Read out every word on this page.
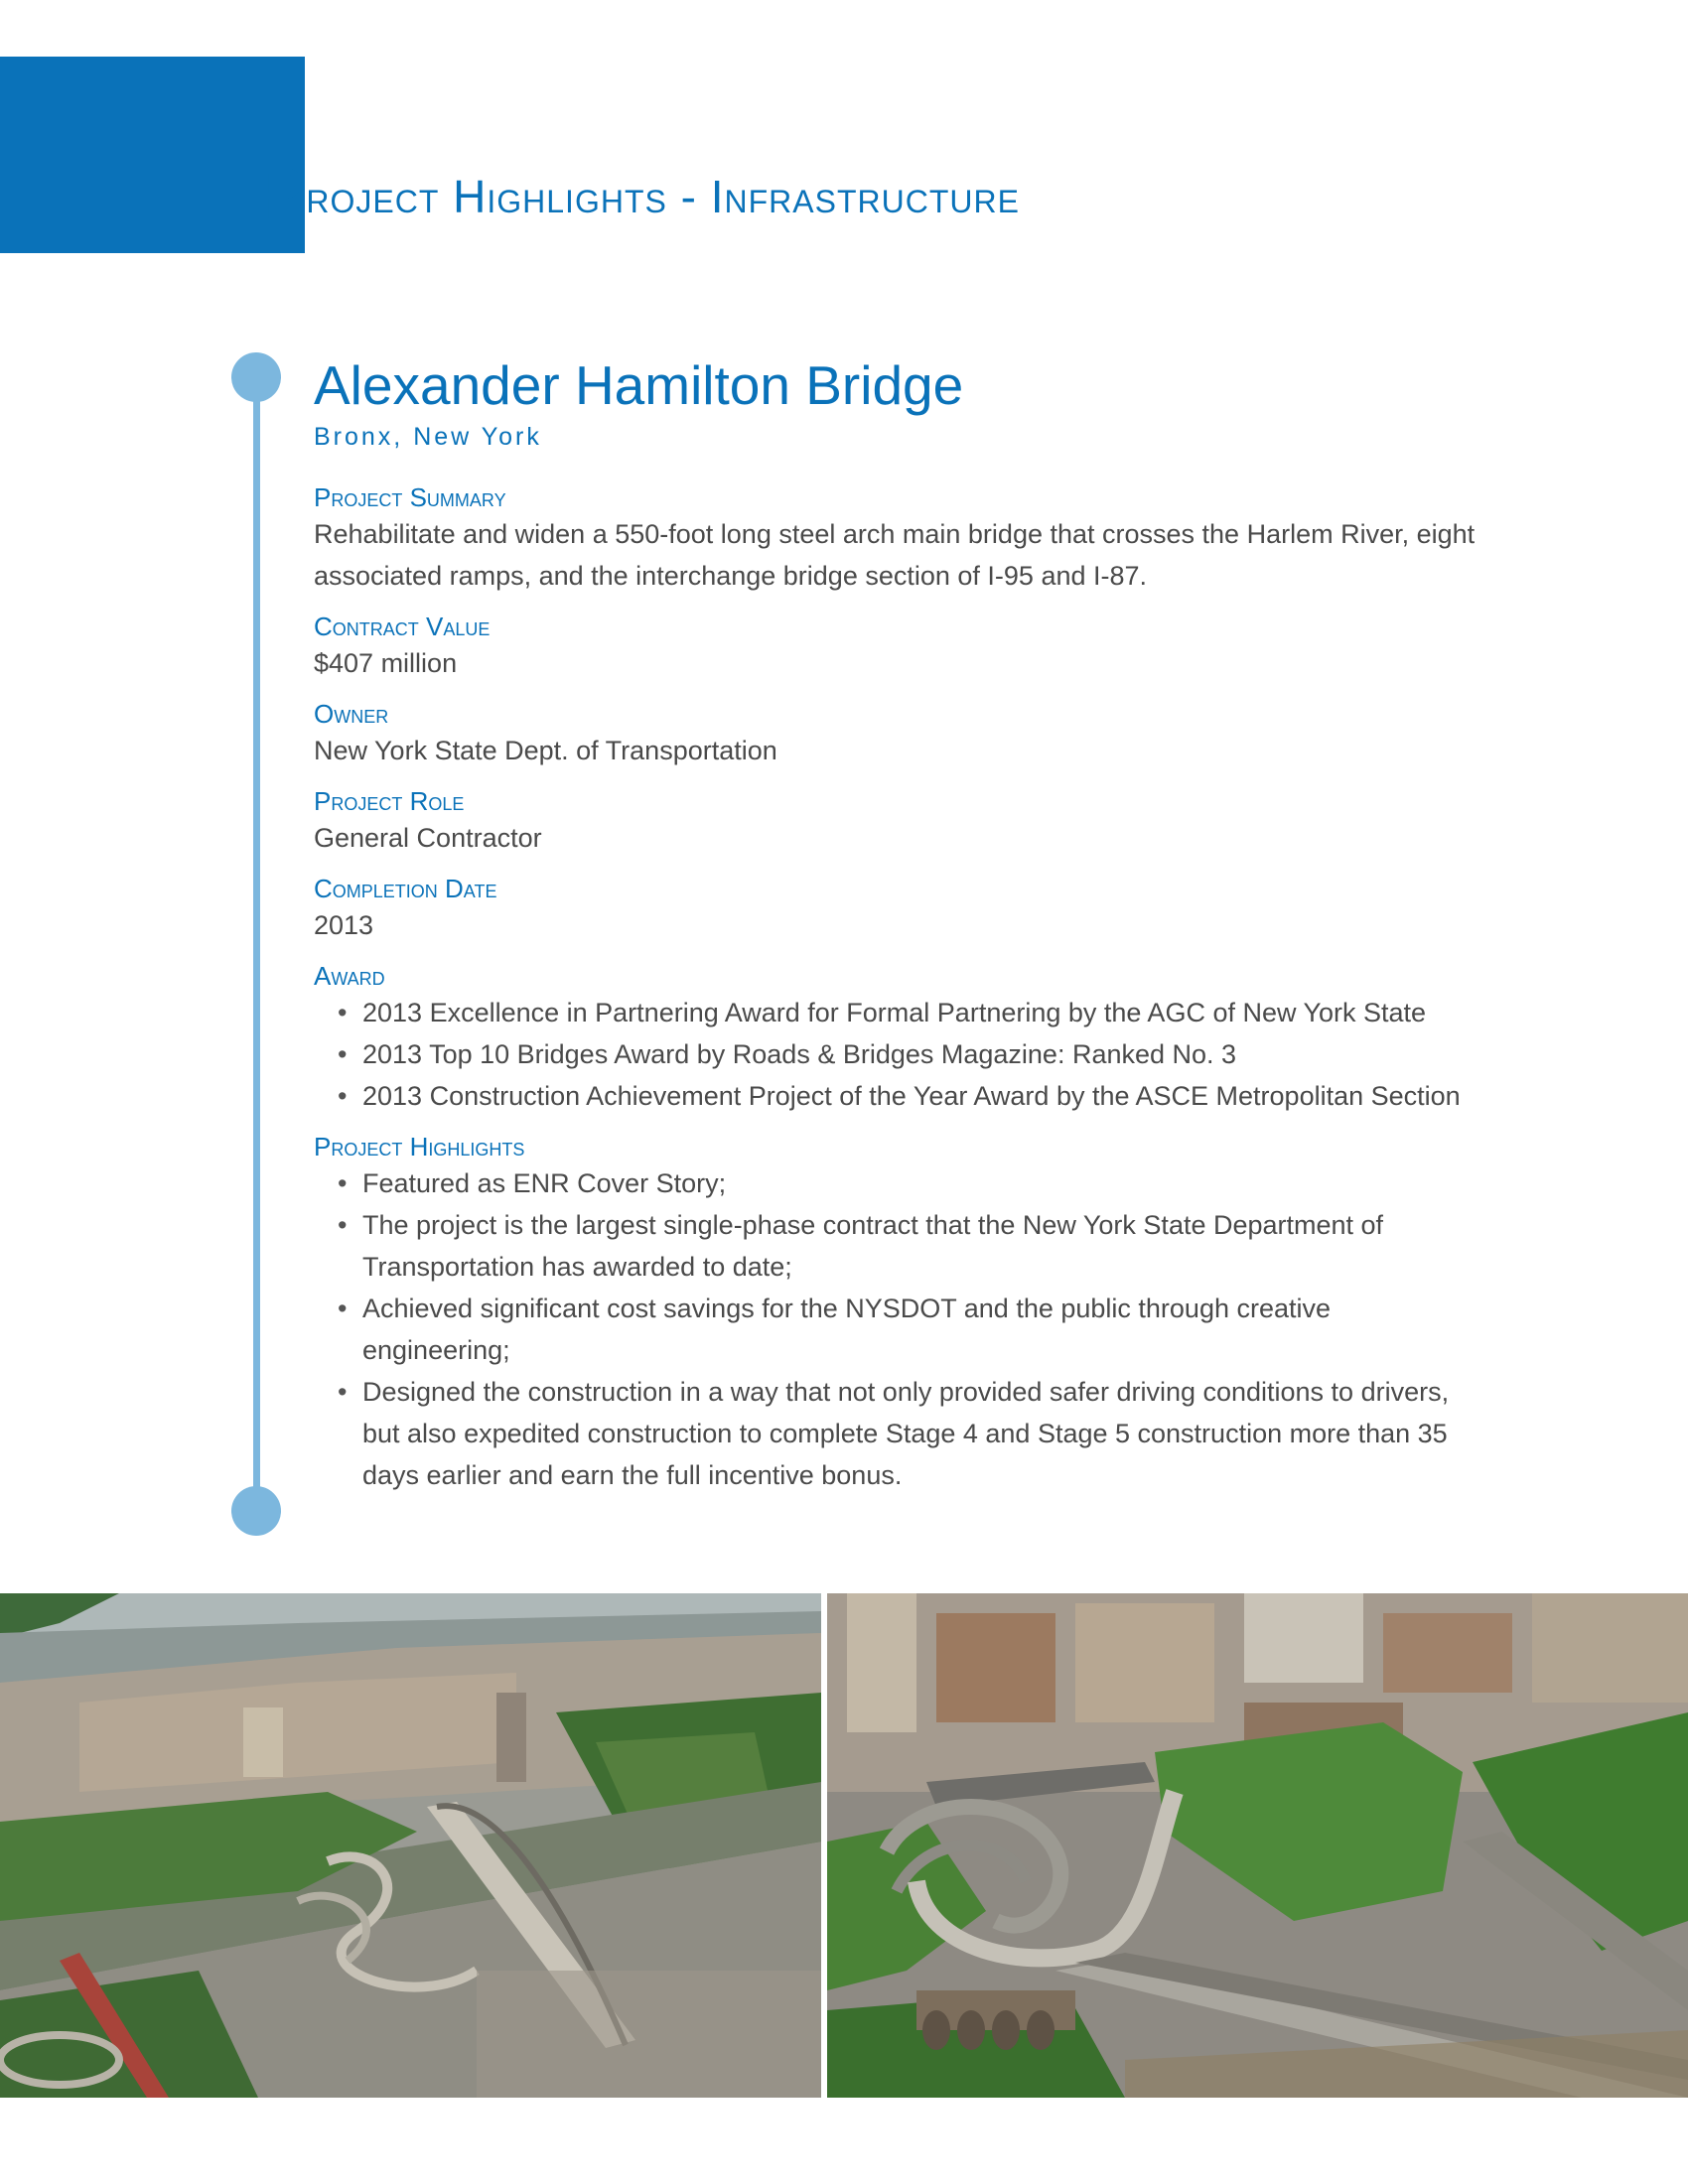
Project Highlights - Infrastructure
Alexander Hamilton Bridge

Bronx, New York

Project Summary

Rehabilitate and widen a 550-foot long steel arch main bridge that crosses the Harlem River, eight associated ramps, and the interchange bridge section of I-95 and I-87.

Contract Value

$407 million

Owner

New York State Dept. of Transportation

Project Role

General Contractor

Completion Date

2013

Award

• 2013 Excellence in Partnering Award for Formal Partnering by the AGC of New York State
• 2013 Top 10 Bridges Award by Roads & Bridges Magazine: Ranked No. 3
• 2013 Construction Achievement Project of the Year Award by the ASCE Metropolitan Section

Project Highlights

• Featured as ENR Cover Story;
• The project is the largest single-phase contract that the New York State Department of Transportation has awarded to date;
• Achieved significant cost savings for the NYSDOT and the public through creative engineering;
• Designed the construction in a way that not only provided safer driving conditions to drivers, but also expedited construction to complete Stage 4 and Stage 5 construction more than 35 days earlier and earn the full incentive bonus.
